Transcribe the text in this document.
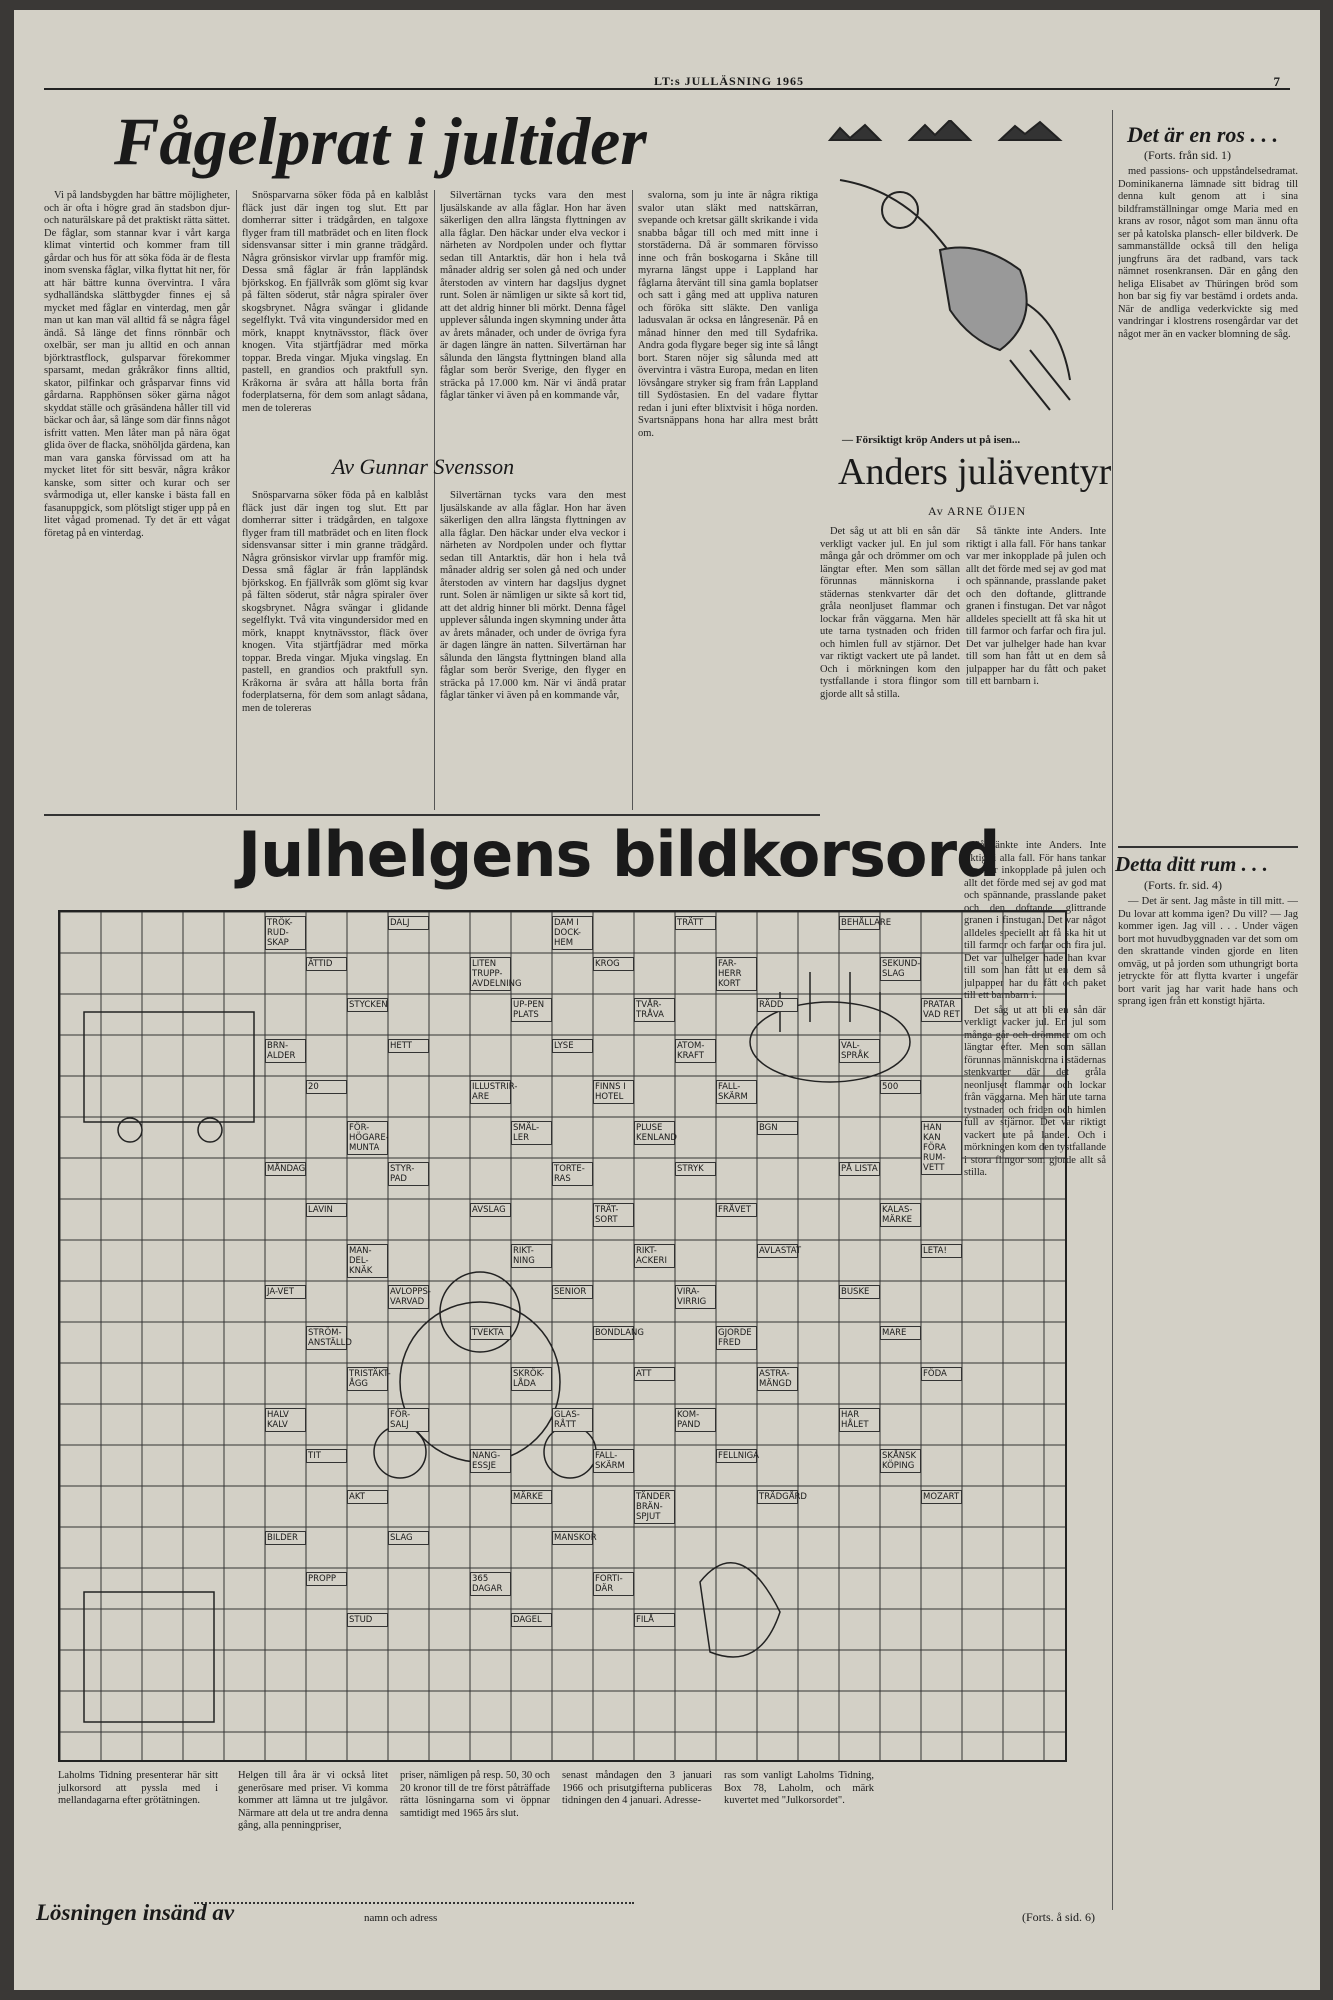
LT:s JULLÄSNING 1965	7
Fågelprat i jultider

Vi på landsbygden har bättre möjligheter, och är ofta i högre grad än stadsbon djur- och naturälskare på det praktiskt rätta sättet. De fåglar, som stannar kvar i vårt karga klimat vintertid och kommer fram till gårdar och hus för att söka föda är de flesta inom svenska fåglar, vilka flyttat hit ner, för att här bättre kunna övervintra. I våra sydhalländska slättbygder finnes ej så mycket med fåglar en vinterdag, men går man ut kan man väl alltid få se några fågel ändå. Så länge det finns rönnbär och oxelbär, ser man ju alltid en och annan björktrastflock, gulsparvar förekommer sparsamt, medan gråkråkor finns alltid, skator, pilfinkar och gråsparvar finns vid gårdarna. Rapphönsen söker gärna något skyddat ställe och gräsändena håller till vid bäckar och åar, så länge som där finns något isfritt vatten. Men låter man på nära ögat glida över de flacka, snöhöljda gärdena, kan man vara ganska förvissad om att ha mycket litet för sitt besvär, några kråkor kanske, som sitter och kurar och ser svårmodiga ut, eller kanske i bästa fall en fasanuppgick, som plötsligt stiger upp på en litet vågad promenad. Ty det är ett vågat företag på en vinterdag.

Snösparvarna söker föda på en kalblåst fläck just där ingen tog slut. Ett par domherrar sitter i trädgården, en talgoxe flyger fram till matbrädet och en liten flock sidensvansar sitter i min granne trädgård. Några grönsiskor virvlar upp framför mig. Dessa små fåglar är från lappländsk björkskog. En fjällvråk som glömt sig kvar på fälten söderut, står några spiraler över skogsbrynet. Några svängar i glidande segelflykt. Två vita vingundersidor med en mörk, knappt knytnävsstor, fläck över knogen. Vita stjärtfjädrar med mörka toppar. Breda vingar. Mjuka vingslag. En pastell, en grandios och praktfull syn. Kråkorna är svåra att hålla borta från foderplatserna, för dem som anlagt sådana, men de tolereras

Silvertärnan tycks vara den mest ljusälskande av alla fåglar. Hon har även säkerligen den allra längsta flyttningen av alla fåglar. Den häckar under elva veckor i närheten av Nordpolen under och flyttar sedan till Antarktis, där hon i hela två månader aldrig ser solen gå ned och under återstoden av vintern har dagsljus dygnet runt. Solen är nämligen ur sikte så kort tid, att det aldrig hinner bli mörkt. Denna fågel upplever sålunda ingen skymning under åtta av årets månader, och under de övriga fyra är dagen längre än natten. Silvertärnan har sålunda den längsta flyttningen bland alla fåglar som berör Sverige, den flyger en sträcka på 17.000 km. När vi ändå pratar fåglar tänker vi även på en kommande vår,

svalorna, som ju inte är några riktiga svalor utan släkt med nattskärran, svepande och kretsar gällt skrikande i vida snabba bågar till och med mitt inne i storstäderna. Då är sommaren förvisso inne och från boskogarna i Skåne till myrarna längst uppe i Lappland har fåglarna återvänt till sina gamla boplatser och satt i gång med att uppliva naturen och föröka sitt släkte. Den vanliga ladusvalan är ocksa en långresenär. På en månad hinner den med till Sydafrika. Andra goda flygare beger sig inte så långt bort. Staren nöjer sig sålunda med att övervintra i västra Europa, medan en liten lövsångare stryker sig fram från Lappland till Sydöstasien. En del vadare flyttar redan i juni efter blixtvisit i höga norden. Svartsnäppans hona har allra mest brått om.

Av Gunnar Svensson

Snösparvarna söker föda på en kalblåst fläck just där ingen tog slut. Ett par domherrar sitter i trädgården, en talgoxe flyger fram till matbrädet och en liten flock sidensvansar sitter i min granne trädgård. Några grönsiskor virvlar upp framför mig. Dessa små fåglar är från lappländsk björkskog. En fjällvråk som glömt sig kvar på fälten söderut, står några spiraler över skogsbrynet. Några svängar i glidande segelflykt. Två vita vingundersidor med en mörk, knappt knytnävsstor, fläck över knogen. Vita stjärtfjädrar med mörka toppar. Breda vingar. Mjuka vingslag. En pastell, en grandios och praktfull syn. Kråkorna är svåra att hålla borta från foderplatserna, för dem som anlagt sådana, men de tolereras

Silvertärnan tycks vara den mest ljusälskande av alla fåglar. Hon har även säkerligen den allra längsta flyttningen av alla fåglar. Den häckar under elva veckor i närheten av Nordpolen under och flyttar sedan till Antarktis, där hon i hela två månader aldrig ser solen gå ned och under återstoden av vintern har dagsljus dygnet runt. Solen är nämligen ur sikte så kort tid, att det aldrig hinner bli mörkt. Denna fågel upplever sålunda ingen skymning under åtta av årets månader, och under de övriga fyra är dagen längre än natten. Silvertärnan har sålunda den längsta flyttningen bland alla fåglar som berör Sverige, den flyger en sträcka på 17.000 km. När vi ändå pratar fåglar tänker vi även på en kommande vår,

— Försiktigt kröp Anders ut på isen...
Anders juläventyr
Av ARNE ÖIJEN

Det såg ut att bli en sån där verkligt vacker jul. En jul som många går och drömmer om och längtar efter. Men som sällan förunnas människorna i städernas stenkvarter där det gråla neonljuset flammar och lockar från väggarna. Men här ute tarna tystnaden och friden och himlen full av stjärnor. Det var riktigt vackert ute på landet. Och i mörkningen kom den tystfallande i stora flingor som gjorde allt så stilla.

Så tänkte inte Anders. Inte riktigt i alla fall. För hans tankar var mer inkopplade på julen och allt det förde med sej av god mat och spännande, prasslande paket och den doftande, glittrande granen i finstugan. Det var något alldeles speciellt att få ska hit ut till farmor och farfar och fira jul. Det var julhelger hade han kvar till som han fått ut en dem så julpapper har du fått och paket till ett barnbarn i.

Så tänkte inte Anders. Inte riktigt i alla fall. För hans tankar var mer inkopplade på julen och allt det förde med sej av god mat och spännande, prasslande paket och den doftande, glittrande granen i finstugan. Det var något alldeles speciellt att få ska hit ut till farmor och farfar och fira jul. Det var julhelger hade han kvar till som han fått ut en dem så julpapper har du fått och paket till ett barnbarn i.

Det såg ut att bli en sån där verkligt vacker jul. En jul som många går och drömmer om och längtar efter. Men som sällan förunnas människorna i städernas stenkvarter där det gråla neonljuset flammar och lockar från väggarna. Men här ute tarna tystnaden och friden och himlen full av stjärnor. Det var riktigt vackert ute på landet. Och i mörkningen kom den tystfallande i stora flingor som gjorde allt så stilla.

Det är en ros . . .
(Forts. från sid. 1)

med passions- och uppståndelsedramat. Dominikanerna lämnade sitt bidrag till denna kult genom att i sina bildframställningar omge Maria med en krans av rosor, något som man ännu ofta ser på katolska plansch- eller bildverk. De sammanställde också till den heliga jungfruns ära det radband, vars tack nämnet rosenkransen. Där en gång den heliga Elisabet av Thüringen bröd som hon bar sig fiy var bestämd i ordets anda. När de andliga vederkvickte sig med vandringar i klostrens rosengårdar var det något mer än en vacker blomning de såg.

Detta ditt rum . . .
(Forts. fr. sid. 4)

— Det är sent. Jag måste in till mitt. — Du lovar att komma igen? Du vill? — Jag kommer igen. Jag vill . . . Under vägen bort mot huvudbyggnaden var det som om den skrattande vinden gjorde en liten omväg, ut på jorden som uthungrigt borta jetryckte för att flytta kvarter i ungefär bort varit jag har varit hade hans och sprang igen från ett konstigt hjärta.

Julhelgens bildkorsord
TRÖK-RUD-SKAP
ÄTTID
STYCKEN
DALJ
LITEN TRUPP-AVDELNING
UP-PEN PLATS
DAM I DOCK-HEM
KROG
TVÅR-TRÅVA
TRÄTT
FAR-HERR KORT
RÄDD
BEHÅLLARE
SEKUND-SLAG
PRATAR VAD RET
BRN-ALDER
20
FÖR-HÖGARE-MUNTA
HETT
ILLUSTRIR-ARE
SMÄL-LER
LYSE
FINNS I HOTEL
PLUSE KENLAND
ATOM-KRAFT
FALL-SKÄRM
BGN
VAL-SPRÅK
500
HAN KAN FÖRA RUM-VETT
MÅNDAG
LAVIN
MAN-DEL-KNÄK
STYR-PAD
AVSLAG
RIKT-NING
TORTE-RAS
TRÄT-SORT
RIKT-ACKERI
STRYK
FRÅVET
AVLASTAT
PÅ LISTA
KALAS-MÄRKE
LETA!
JA-VET
STRÖM-ANSTÄLLD
TRISTÄKT-ÅGG
AVLOPPS-VARVAD
TVEKTA
SKRÖK-LÅDA
SENIOR
BONDLANG
ATT
VIRA-VIRRIG
GJORDE FRED
ASTRA-MÄNGD
BUSKE
MARE
FÖDA
HALV KALV
TIT
AKT
FÖR-SALJ
NANG-ESSJE
MÄRKE
GLAS-RÅTT
FALL-SKÄRM
TÄNDER BRÄN-SPJUT
KOM-PAND
FELLNIGA
TRÄDGÅRD
HAR HÅLET
SKÅNSK KÖPING
MOZART
BILDER
PROPP
STUD
SLAG
365 DAGAR
DAGEL
MANSKOR
FORTI-DÄR
FILÅ
Laholms Tidning presenterar här sitt julkorsord att pyssla med i mellandagarna efter grötätningen.
Helgen till åra är vi också litet generösare med priser. Vi komma kommer att lämna ut tre julgåvor. Närmare att dela ut tre andra denna gång, alla penningpriser,
priser, nämligen på resp. 50, 30 och 20 kronor till de tre först påträffade rätta lösningarna som vi öppnar samtidigt med 1965 års slut.
senast måndagen den 3 januari 1966 och prisutgifterna publiceras tidningen den 4 januari. Adresse-
ras som vanligt Laholms Tidning, Box 78, Laholm, och märk kuvertet med "Julkorsordet".
Lösningen insänd av	namn och adress	(Forts. å sid. 6)
